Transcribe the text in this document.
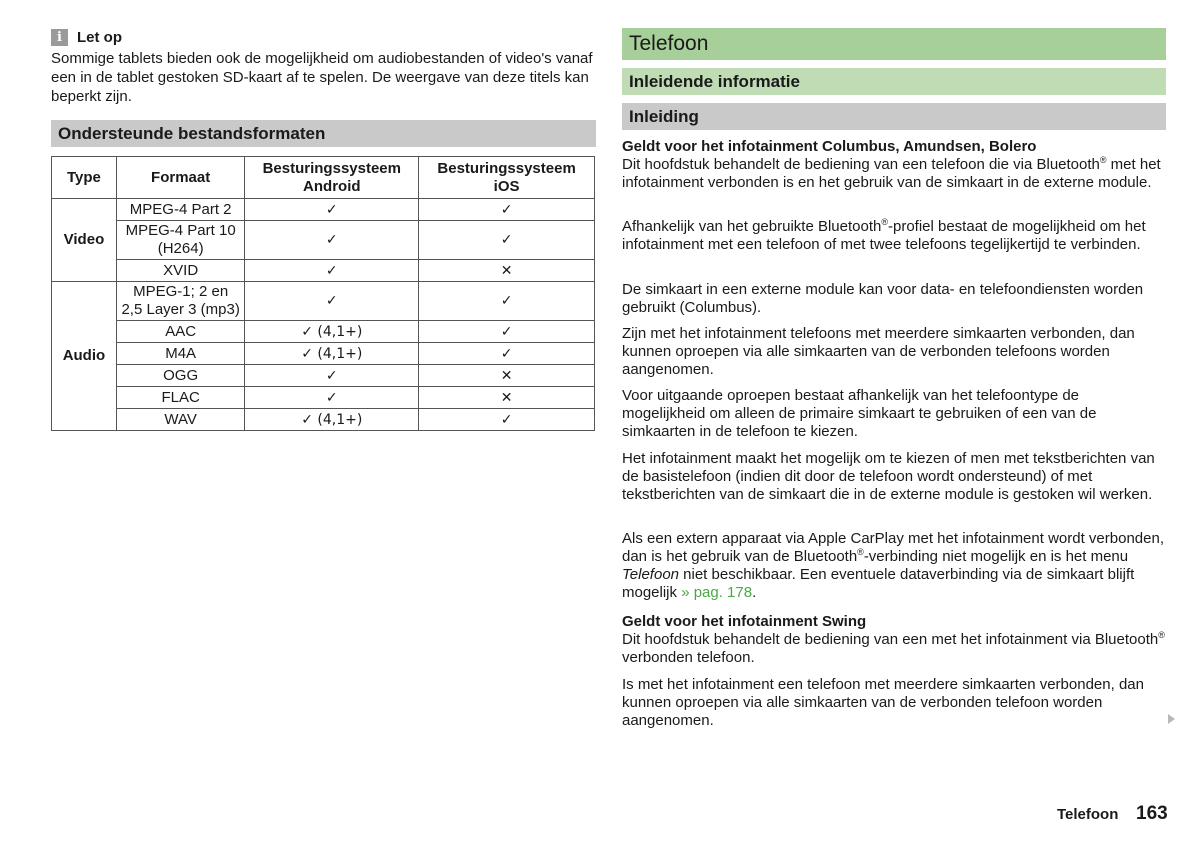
i	Let op
Sommige tablets bieden ook de mogelijkheid om audiobestanden of video's vanaf een in de tablet gestoken SD-kaart af te spelen. De weergave van deze titels kan beperkt zijn.
Ondersteunde bestandsformaten
Type	Formaat	Besturingssysteem Android	Besturingssysteem iOS
Video	MPEG-4 Part 2	✓	✓
	MPEG-4 Part 10 (H264)	✓	✓
	XVID	✓	✕
Audio	MPEG-1; 2 en 2,5 Layer 3 (mp3)	✓	✓
	AAC	✓ (4,1+)	✓
	M4A	✓ (4,1+)	✓
	OGG	✓	✕
	FLAC	✓	✕
	WAV	✓ (4,1+)	✓
Telefoon
Inleidende informatie
Inleiding
Geldt voor het infotainment Columbus, Amundsen, Bolero
Dit hoofdstuk behandelt de bediening van een telefoon die via Bluetooth® met het infotainment verbonden is en het gebruik van de simkaart in de externe module.
Afhankelijk van het gebruikte Bluetooth®-profiel bestaat de mogelijkheid om het infotainment met een telefoon of met twee telefoons tegelijkertijd te verbinden.
De simkaart in een externe module kan voor data- en telefoondiensten worden gebruikt (Columbus).
Zijn met het infotainment telefoons met meerdere simkaarten verbonden, dan kunnen oproepen via alle simkaarten van de verbonden telefoons worden aangenomen.
Voor uitgaande oproepen bestaat afhankelijk van het telefoontype de mogelijkheid om alleen de primaire simkaart te gebruiken of een van de simkaarten in de telefoon te kiezen.
Het infotainment maakt het mogelijk om te kiezen of men met tekstberichten van de basistelefoon (indien dit door de telefoon wordt ondersteund) of met tekstberichten van de simkaart die in de externe module is gestoken wil werken.
Als een extern apparaat via Apple CarPlay met het infotainment wordt verbonden, dan is het gebruik van de Bluetooth®-verbinding niet mogelijk en is het menu Telefoon niet beschikbaar. Een eventuele dataverbinding via de simkaart blijft mogelijk » pag. 178.
Geldt voor het infotainment Swing
Dit hoofdstuk behandelt de bediening van een met het infotainment via Bluetooth® verbonden telefoon.
Is met het infotainment een telefoon met meerdere simkaarten verbonden, dan kunnen oproepen via alle simkaarten van de verbonden telefoon worden aangenomen.
Telefoon 163
